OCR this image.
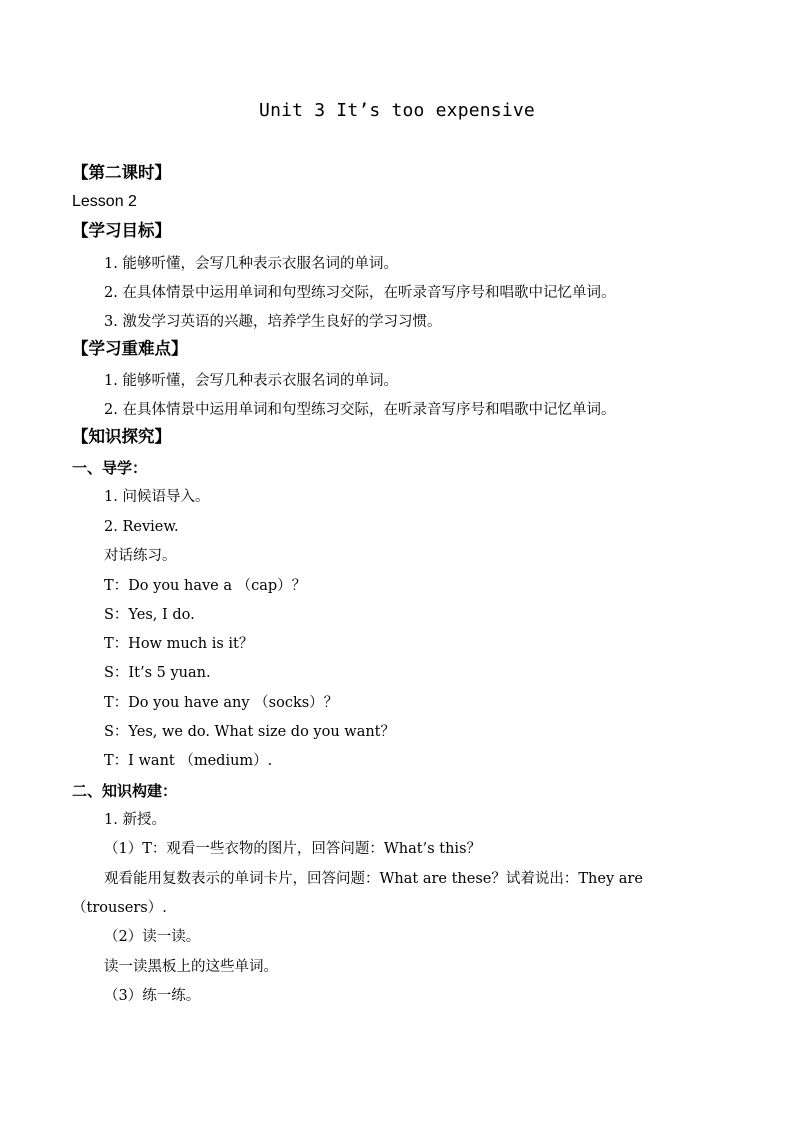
Unit 3 It’s too expensive
【第二课时】
Lesson 2
【学习目标】
1. 能够听懂，会写几种表示衣服名词的单词。
2. 在具体情景中运用单词和句型练习交际，在听录音写序号和唱歌中记忆单词。
3. 激发学习英语的兴趣，培养学生良好的学习习惯。
【学习重难点】
1. 能够听懂，会写几种表示衣服名词的单词。
2. 在具体情景中运用单词和句型练习交际，在听录音写序号和唱歌中记忆单词。
【知识探究】
一、导学：
1. 问候语导入。
2. Review.
对话练习。
T：Do you have a （cap）？
S：Yes, I do.
T：How much is it？
S：It’s 5 yuan.
T：Do you have any （socks）？
S：Yes, we do. What size do you want？
T：I want （medium）.
二、知识构建：
1. 新授。
（1）T：观看一些衣物的图片，回答问题：What’s this？
观看能用复数表示的单词卡片，回答问题：What are these？试着说出：They are
（trousers）.
（2）读一读。
读一读黑板上的这些单词。
（3）练一练。
